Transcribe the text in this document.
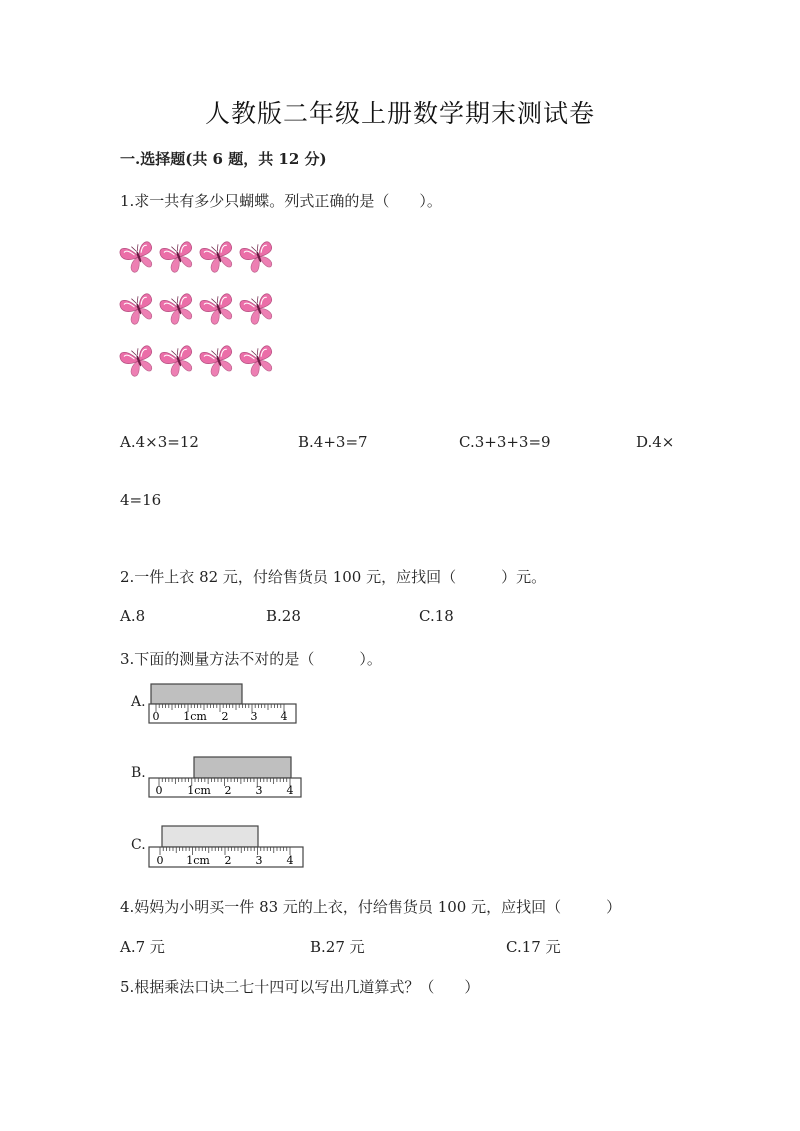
人教版二年级上册数学期末测试卷
一.选择题(共 6 题，共 12 分)
1.求一共有多少只蝴蝶。列式正确的是（　　）。
A.4×3=12	B.4+3=7	C.3+3+3=9	D.4×
4=16
2.一件上衣 82 元，付给售货员 100 元，应找回（　　　）元。
A.8	B.28	C.18
3.下面的测量方法不对的是（　　　）。
A.
0 1cm 2 3 4
B.
0 1cm 2 3 4
C.
0 1cm 2 3 4
4.妈妈为小明买一件 83 元的上衣，付给售货员 100 元，应找回（　　　）
A.7 元	B.27 元	C.17 元
5.根据乘法口诀二七十四可以写出几道算式？（　　）
